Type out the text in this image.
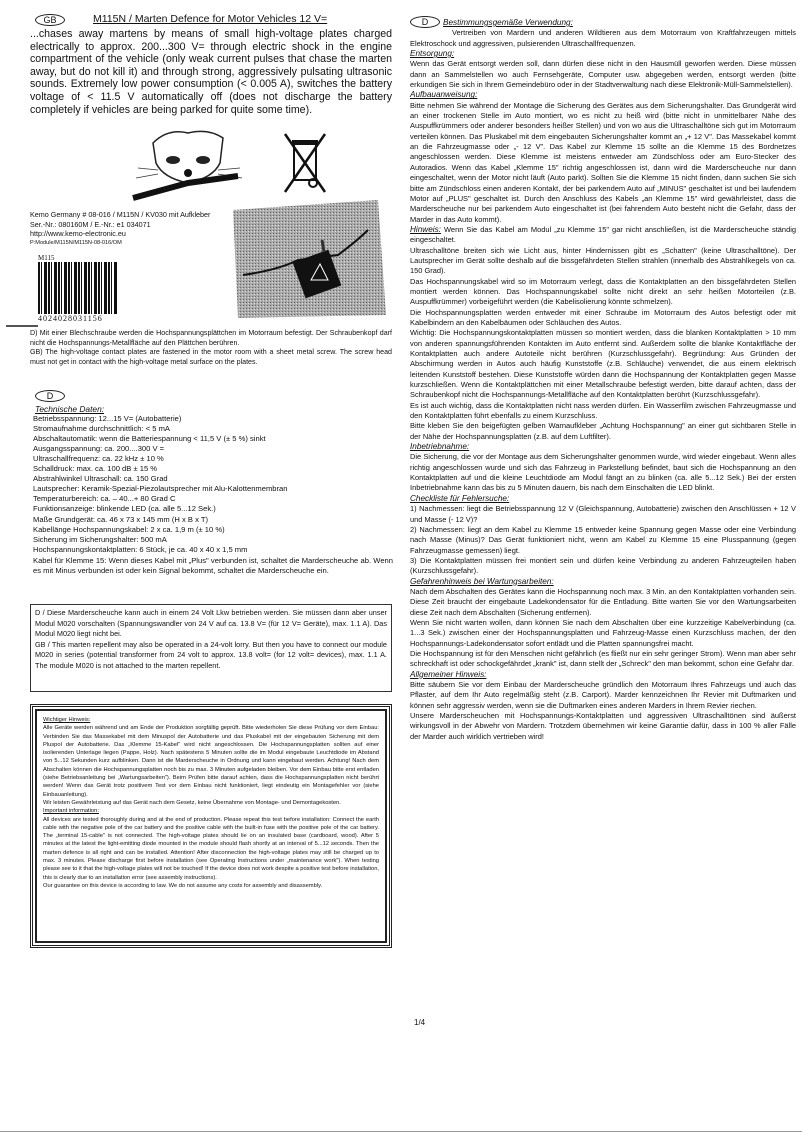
GB	M115N / Marten Defence for Motor Vehicles 12 V=
...chases away martens by means of small high-voltage plates charged electrically to approx. 200...300 V= through electric shock in the engine compartment of the vehicle (only weak current pulses that chase the marten away, but do not kill it) and through strong, aggressively pulsating ultrasonic sounds. Extremely low power consumption (< 0.005 A), switches the battery voltage of < 11.5 V automatically off (does not discharge the battery completely if vehicles are being parked for quite some time).
Kemo Germany # 08-016 / M115N / KV030 mit Aufkleber
Ser.-Nr.: 080160M / E.-Nr.: e1 034071
http://www.kemo-electronic.eu
P:Module/M115N/M115N-08-016/OM
M115
4024028031156
D) Mit einer Blechschraube werden die Hochspannungsplättchen im Motorraum befestigt. Der Schraubenkopf darf nicht die Hochspannungs-Metallfläche auf den Plättchen berühren.
GB) The high-voltage contact plates are fastened in the motor room with a sheet metal screw. The screw head must not get in contact with the high-voltage metal surface on the plates.
D
Technische Daten:
Betriebsspannung: 12...15 V= (Autobatterie)
Stromaufnahme durchschnittlich: < 5 mA
Abschaltautomatik: wenn die Batteriespannung < 11,5 V (± 5 %) sinkt
Ausgangsspannung: ca. 200....300 V =
Ultraschallfrequenz: ca. 22 kHz ± 10 %
Schalldruck: max. ca. 100 dB ± 15 %
Abstrahlwinkel Ultraschall: ca. 150 Grad
Lautsprecher: Keramik-Spezial-Piezolautsprecher mit Alu-Kalottenmembran
Temperaturbereich: ca. – 40...+ 80 Grad C
Funktionsanzeige: blinkende LED (ca. alle 5...12 Sek.)
Maße Grundgerät: ca. 46 x 73 x 145 mm (H x B x T)
Kabellänge Hochspannungskabel: 2 x ca. 1,9 m (± 10 %)
Sicherung im Sicherungshalter: 500 mA
Hochspannungskontaktplatten: 6 Stück, je ca. 40 x 40 x 1,5 mm
Kabel für Klemme 15: Wenn dieses Kabel mit „Plus" verbunden ist, schaltet die Marderscheuche ab. Wenn es mit Minus verbunden ist oder kein Signal bekommt, schaltet die Marderscheuche ein.
D / Diese Marderscheuche kann auch in einem 24 Volt Lkw betrieben werden. Sie müssen dann aber unser Modul M020 vorschalten (Spannungswandler von 24 V auf ca. 13.8 V= (für 12 V= Geräte), max. 1.1 A). Das Modul M020 liegt nicht bei.
GB / This marten repellent may also be operated in a 24-volt lorry. But then you have to connect our module M020 in series (potential transformer from 24 volt to approx. 13.8 volt= (for 12 volt= devices), max. 1.1 A. The module M020 is not attached to the marten repellent.
Wichtiger Hinweis:
Alle Geräte werden während und am Ende der Produktion sorgfältig geprüft. Bitte wiederholen Sie diese Prüfung vor dem Einbau: Verbinden Sie das Massekabel mit dem Minuspol der Autobatterie und das Pluskabel mit der eingebauten Sicherung mit dem Pluspol der Autobatterie. Das „Klemme 15-Kabel" wird nicht angeschlossen. Die Hochspannungsplatten sollten auf einer isolierenden Unterlage liegen (Pappe, Holz). Nach spätestens 5 Minuten sollte die im Modul eingebaute Leuchtdiode im Abstand von 5...12 Sekunden kurz aufblinken. Dann ist die Marderscheuche in Ordnung und kann eingebaut werden. Achtung! Nach dem Abschalten können die Hochspannungsplatten noch bis zu max. 3 Minuten aufgeladen bleiben. Vor dem Einbau bitte erst entladen (siehe Betriebsanleitung bei „Wartungsarbeiten"). Beim Prüfen bitte darauf achten, dass die Hochspannungsplatten nicht berührt werden! Wenn das Gerät trotz positivem Test vor dem Einbau nicht funktioniert, liegt eindeutig ein Montagefehler vor (siehe Einbauanleitung).
Wir leisten Gewährleistung auf das Gerät nach dem Gesetz, keine Übernahme von Montage- und Demontagekosten.
Important information:
All devices are tested thoroughly during and at the end of production. Please repeat this test before installation: Connect the earth cable with the negative pole of the car battery and the positive cable with the built-in fuse with the positive pole of the car battery. The „terminal 15-cable" is not connected. The high-voltage plates should lie on an insulated base (cardboard, wood). After 5 minutes at the latest the light-emitting diode mounted in the module should flash shortly at an interval of 5...12 seconds. Then the marten defence is all right and can be installed. Attention! After disconnection the high-voltage plates may still be charged up to max. 3 minutes. Please discharge first before installation (see Operating Instructions under „maintenance work"). When testing please see to it that the high-voltage plates will not be touched! If the device does not work despite a positive test before installation, this is clearly due to an installation error (see assembly instructions).
Our guarantee on this device is according to law. We do not assume any costs for assembly and disassembly.
D Bestimmungsgemäße Verwendung:
Vertreiben von Mardern und anderen Wildtieren aus dem Motorraum von Kraftfahrzeugen mittels Elektroschock und aggressiven, pulsierenden Ultraschallfrequenzen.
Entsorgung:
Wenn das Gerät entsorgt werden soll, dann dürfen diese nicht in den Hausmüll geworfen werden. Diese müssen dann an Sammelstellen wo auch Fernsehgeräte, Computer usw. abgegeben werden, entsorgt werden (bitte erkundigen Sie sich in Ihrem Gemeindebüro oder in der Stadtverwaltung nach diese Elektronik-Müll-Sammelstellen).
Aufbauanweisung:
Bitte nehmen Sie während der Montage die Sicherung des Gerätes aus dem Sicherungshalter. Das Grundgerät wird an einer trockenen Stelle im Auto montiert, wo es nicht zu heiß wird (bitte nicht in unmittelbarer Nähe des Auspuffkrümmers oder anderer besonders heißer Stellen) und von wo aus die Ultraschalltöne sich gut im Motorraum verteilen können. Das Pluskabel mit dem eingebauten Sicherungshalter kommt an „+ 12 V". Das Massekabel kommt an die Fahrzeugmasse oder „- 12 V". Das Kabel zur Klemme 15 sollte an die Klemme 15 des Bordnetzes angeschlossen werden. Diese Klemme ist meistens entweder am Zündschloss oder am Euro-Stecker des Autoradios. Wenn das Kabel „Klemme 15" richtig angeschlossen ist, dann wird die Marderscheuche nur dann eingeschaltet, wenn der Motor nicht läuft (Auto parkt). Sollten Sie die Klemme 15 nicht finden, dann suchen Sie sich bitte am Zündschloss einen anderen Kontakt, der bei parkendem Auto auf „MINUS" geschaltet ist und bei laufendem Motor auf „PLUS" geschaltet ist. Durch den Anschluss des Kabels „an Klemme 15" wird gewährleistet, dass die Marderscheuche nur bei parkendem Auto eingeschaltet ist (bei fahrendem Auto besteht nicht die Gefahr, dass der Marder in das Auto kommt).
Hinweis: Wenn Sie das Kabel am Modul „zu Klemme 15" gar nicht anschließen, ist die Marderscheuche ständig eingeschaltet.
Ultraschalltöne breiten sich wie Licht aus, hinter Hindernissen gibt es „Schatten" (keine Ultraschalltöne). Der Lautsprecher im Gerät sollte deshalb auf die bissgefährdeten Stellen strahlen (innerhalb des Abstrahlkegels von ca. 150 Grad).
Das Hochspannungskabel wird so im Motorraum verlegt, dass die Kontaktplatten an den bissgefährdeten Stellen montiert werden können. Das Hochspannungskabel sollte nicht direkt an sehr heißen Motorteilen (z.B. Auspuffkrümmer) vorbeigeführt werden (die Kabelisolierung könnte schmelzen).
Die Hochspannungsplatten werden entweder mit einer Schraube im Motorraum des Autos befestigt oder mit Kabelbindern an den Kabelbäumen oder Schläuchen des Autos.
Wichtig: Die Hochspannungskontaktplatten müssen so montiert werden, dass die blanken Kontaktplatten > 10 mm von anderen spannungsführenden Kontakten im Auto entfernt sind. Außerdem sollte die blanke Kontaktfläche der Kontaktplatten auch andere Autoteile nicht berühren (Kurzschlussgefahr). Begründung: Aus Gründen der Abschirmung werden in Autos auch häufig Kunststoffe (z.B. Schläuche) verwendet, die aus einem elektrisch leitenden Kunststoff bestehen. Diese Kunststoffe würden dann die Hochspannung der Kontaktplatten gegen Masse kurzschließen. Wenn die Kontaktplättchen mit einer Metallschraube befestigt werden, bitte darauf achten, dass der Schraubenkopf nicht die Hochspannungs-Metallfläche auf den Kontaktplatten berührt (Kurzschlussgefahr).
Es ist auch wichtig, dass die Kontaktplatten nicht nass werden dürfen. Ein Wasserfilm zwischen Fahrzeugmasse und den Kontaktplatten führt ebenfalls zu einem Kurzschluss.
Bitte kleben Sie den beigefügten gelben Warnaufkleber „Achtung Hochspannung" an einer gut sichtbaren Stelle in der Nähe der Hochspannungsplatten (z.B. auf dem Luftfilter).
Inbetriebnahme:
Die Sicherung, die vor der Montage aus dem Sicherungshalter genommen wurde, wird wieder eingebaut. Wenn alles richtig angeschlossen wurde und sich das Fahrzeug in Parkstellung befindet, baut sich die Hochspannung an den Kontaktplatten auf und die kleine Leuchtdiode am Modul fängt an zu blinken (ca. alle 5...12 Sek.) Bei der ersten Inbetriebnahme kann das bis zu 5 Minuten dauern, bis nach dem Einschalten die LED blinkt.
Checkliste für Fehlersuche:
1) Nachmessen: liegt die Betriebsspannung 12 V (Gleichspannung, Autobatterie) zwischen den Anschlüssen + 12 V und Masse (- 12 V)?
2) Nachmessen: liegt an dem Kabel zu Klemme 15 entweder keine Spannung gegen Masse oder eine Verbindung nach Masse (Minus)? Das Gerät funktioniert nicht, wenn am Kabel zu Klemme 15 eine Plusspannung (gegen Fahrzeugmasse gemessen) liegt.
3) Die Kontaktplatten müssen frei montiert sein und dürfen keine Verbindung zu anderen Fahrzeugteilen haben (Kurzschlussgefahr).
Gefahrenhinweis bei Wartungsarbeiten:
Nach dem Abschalten des Gerätes kann die Hochspannung noch max. 3 Min. an den Kontaktplatten vorhanden sein. Diese Zeit braucht der eingebaute Ladekondensator für die Entladung. Bitte warten Sie vor den Wartungsarbeiten diese Zeit nach dem Abschalten (Sicherung entfernen).
Wenn Sie nicht warten wollen, dann können Sie nach dem Abschalten über eine kurzzeitige Kabelverbindung (ca. 1...3 Sek.) zwischen einer der Hochspannungsplatten und Fahrzeug-Masse einen Kurzschluss machen, der den Hochspannungs-Ladekondensator sofort entlädt und die Platten spannungsfrei macht.
Die Hochspannung ist für den Menschen nicht gefährlich (es fließt nur ein sehr geringer Strom). Wenn man aber sehr schreckhaft ist oder schockgefährdet „krank" ist, dann stellt der „Schreck" den man bekommt, schon eine Gefahr dar.
Allgemeiner Hinweis:
Bitte säubern Sie vor dem Einbau der Marderscheuche gründlich den Motorraum Ihres Fahrzeugs und auch das Pflaster, auf dem Ihr Auto regelmäßig steht (z.B. Carport). Marder kennzeichnen Ihr Revier mit Duftmarken und können sehr aggressiv werden, wenn sie die Duftmarken eines anderen Marders in Ihrem Revier riechen.
Unsere Marderscheuchen mit Hochspannungs-Kontaktplatten und aggressiven Ultraschalltönen sind äußerst wirkungsvoll in der Abwehr von Mardern. Trotzdem übernehmen wir keine Garantie dafür, dass in 100 % aller Fälle der Marder auch wirklich vertrieben wird!
1/4
